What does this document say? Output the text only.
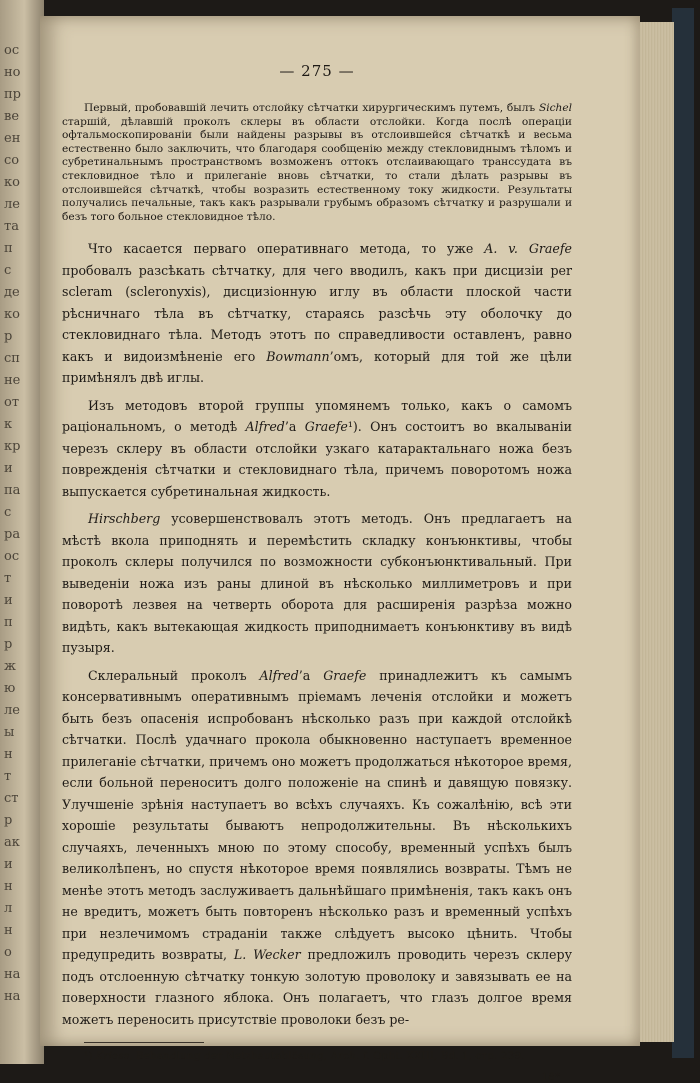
ос
но
пр
ве
ен
со
ко
ле
та
п
с
де
ко
р
сп
не
от
к
кр
и
па
с
ра
ос
т
и
п
р
ж
ю
ле
ы
н
т
ст
р
ак
и
н
л
н
о
на
на
— 275 —

Первый, пробовавшій лечить отслойку сѣтчатки хирургическимъ путемъ, былъ Sichel старшій, дѣлавшій проколъ склеры въ области отслойки. Когда послѣ операціи офтальмоскопированіи были найдены разрывы въ отслоившейся сѣтчаткѣ и весьма естественно было заключить, что благодаря сообщенію между стекловиднымъ тѣломъ и субретинальнымъ пространствомъ возможенъ оттокъ отслаивающаго транссудата въ стекловидное тѣло и прилеганіе вновь сѣтчатки, то стали дѣлать разрывы въ отслоившейся сѣтчаткѣ, чтобы возразить естественному току жидкости. Результаты получались печальные, такъ какъ разрывали грубымъ образомъ сѣтчатку и разрушали и безъ того больное стекловидное тѣло.

Что касается перваго оперативнаго метода, то уже A. v. Graefe пробовалъ разсѣкать сѣтчатку, для чего вводилъ, какъ при дисцизіи per scleram (scleronyxis), дисцизіонную иглу въ области плоской части рѣсничнаго тѣла въ сѣтчатку, стараясь разсѣчь эту оболочку до стекловиднаго тѣла. Методъ этотъ по справедливости оставленъ, равно какъ и видоизмѣненіе его Bowmann’омъ, который для той же цѣли примѣнялъ двѣ иглы.

Изъ методовъ второй группы упомянемъ только, какъ о самомъ раціональномъ, о методѣ Alfred’а Graefe¹). Онъ состоитъ во вкалываніи черезъ склеру въ области отслойки узкаго катарактальнаго ножа безъ поврежденія сѣтчатки и стекловиднаго тѣла, причемъ поворотомъ ножа выпускается субретинальная жидкость.

Hirschberg усовершенствовалъ этотъ методъ. Онъ предлагаетъ на мѣстѣ вкола приподнять и перемѣстить складку конъюнктивы, чтобы проколъ склеры получился по возможности субконъюнктивальный. При выведеніи ножа изъ раны длиной въ нѣсколько миллиметровъ и при повоpотѣ лезвея на четверть оборота для расширенія разрѣза можно видѣть, какъ вытекающая жидкость приподнимаетъ конъюнктиву въ видѣ пузыря.

Склеральный проколъ Alfred’а Graefe принадлежитъ къ самымъ консервативнымъ оперативнымъ пріемамъ леченія отслойки и можетъ быть безъ опасенія испробованъ нѣсколько разъ при каждой отслойкѣ сѣтчатки. Послѣ удачнаго прокола обыкновенно наступаетъ временное прилеганіе сѣтчатки, причемъ оно можетъ продолжаться нѣкоторое время, если больной переноситъ долго положеніе на спинѣ и давящую повязку. Улучшеніе зрѣнія наступаетъ во всѣхъ случаяхъ. Къ сожалѣнію, всѣ эти хорошіе результаты бываютъ непродолжительны. Въ нѣсколькихъ случаяхъ, леченныхъ мною по этому способу, временный успѣхъ былъ великолѣпенъ, но спустя нѣкоторое время появлялись возвраты. Тѣмъ не менѣе этотъ методъ заслуживаетъ дальнѣйшаго примѣненія, такъ какъ онъ не вредитъ, можетъ быть повторенъ нѣсколько разъ и временный успѣхъ при незлечимомъ страданіи также слѣдуетъ высоко цѣнить. Чтобы предупредить возвраты, L. Wecker предложилъ проводить черезъ склеру подъ отслоенную сѣтчатку тонкую золотую проволоку и завязывать ее на поверхности глазного яблока. Онъ полагаетъ, что глазъ долгое время можетъ переносить присутствіе проволоки безъ ре-

¹) Kriess, Behandlung der Netzhautablösung, Arch. f. Opht. XXIII, Bd. 1, стр. 239.

18*
